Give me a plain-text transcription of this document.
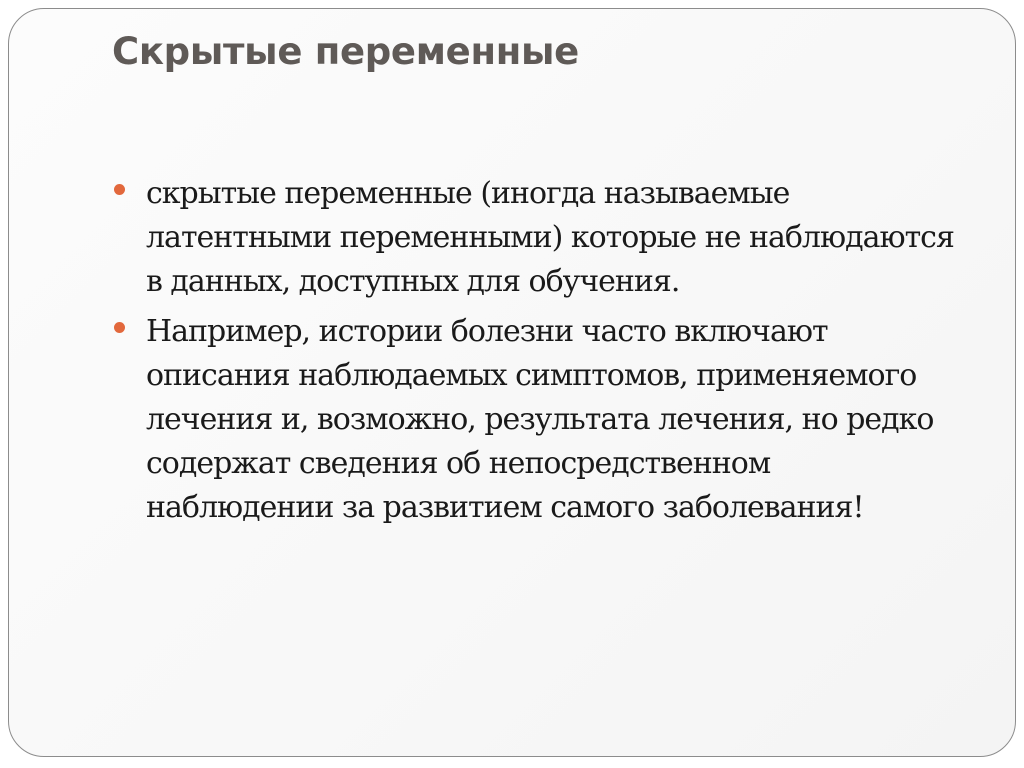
Скрытые переменные
скрытые переменные (иногда называемые латентными переменными) которые не наблюдаются в данных, доступных для обучения.
Например, истории болезни часто включают описания наблюдаемых симптомов, применяемого лечения и, возможно, результата лечения, но редко содержат сведения об непосредственном наблюдении за развитием самого заболевания!
